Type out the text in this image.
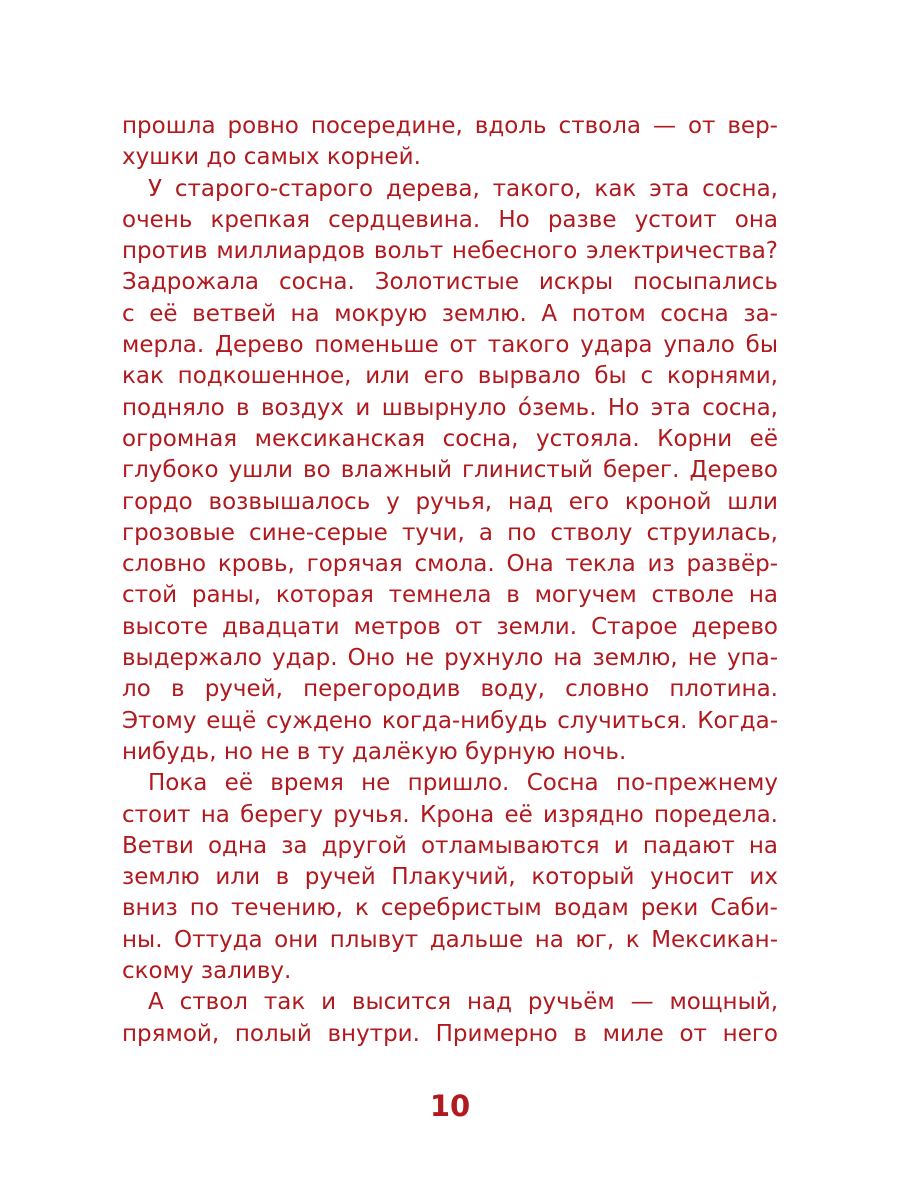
прошла ровно посередине, вдоль ствола — от вер-
хушки до самых корней.
У старого-старого дерева, такого, как эта сосна,
очень крепкая сердцевина. Но разве устоит она
против миллиардов вольт небесного электричества?
Задрожала сосна. Золотистые искры посыпались
с её ветвей на мокрую землю. А потом сосна за-
мерла. Дерево поменьше от такого удара упало бы
как подкошенное, или его вырвало бы с корнями,
подняло в воздух и швырнуло óземь. Но эта сосна,
огромная мексиканская сосна, устояла. Корни её
глубоко ушли во влажный глинистый берег. Дерево
гордо возвышалось у ручья, над его кроной шли
грозовые сине-серые тучи, а по стволу струилась,
словно кровь, горячая смола. Она текла из развёр-
стой раны, которая темнела в могучем стволе на
высоте двадцати метров от земли. Старое дерево
выдержало удар. Оно не рухнуло на землю, не упа-
ло в ручей, перегородив воду, словно плотина.
Этому ещё суждено когда-нибудь случиться. Когда-
нибудь, но не в ту далёкую бурную ночь.
Пока её время не пришло. Сосна по-прежнему
стоит на берегу ручья. Крона её изрядно поредела.
Ветви одна за другой отламываются и падают на
землю или в ручей Плакучий, который уносит их
вниз по течению, к серебристым водам реки Саби-
ны. Оттуда они плывут дальше на юг, к Мексикан-
скому заливу.
А ствол так и высится над ручьём — мощный,
прямой, полый внутри. Примерно в миле от него
10
